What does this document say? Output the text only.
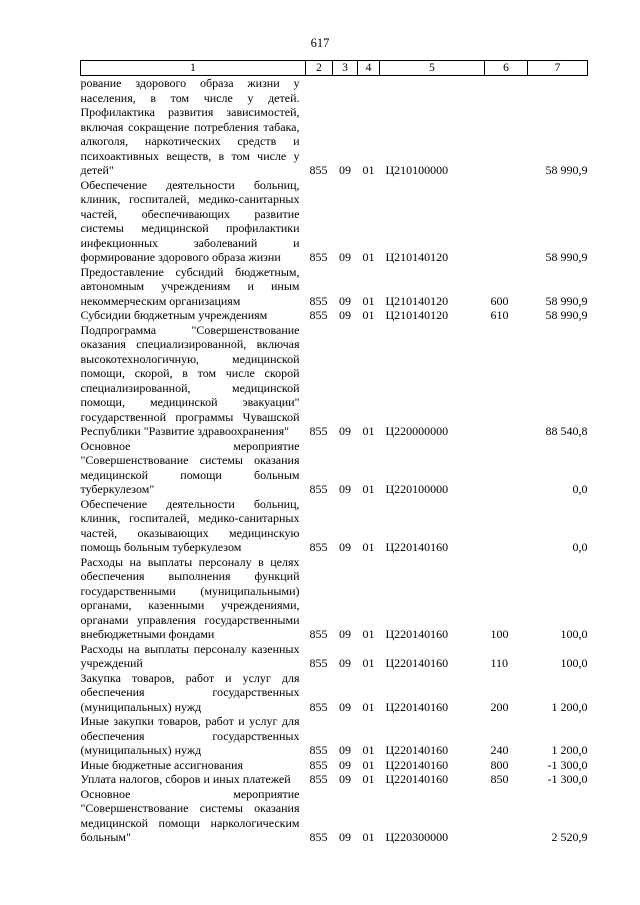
617
1	2	3	4	5	6	7
рование здорового образа жизни у населения, в том числе у детей. Профилактика развития зависимостей, включая сокращение потребления табака, алкоголя, наркотических средств и психоактивных веществ, в том числе у детей"	855	09	01	Ц210100000		58 990,9
Обеспечение деятельности больниц, клиник, госпиталей, медико-санитарных частей, обеспечивающих развитие системы медицинской профилактики инфекционных заболеваний и формирование здорового образа жизни	855	09	01	Ц210140120		58 990,9
Предоставление субсидий бюджетным, автономным учреждениям и иным некоммерческим организациям	855	09	01	Ц210140120	600	58 990,9
Субсидии бюджетным учреждениям	855	09	01	Ц210140120	610	58 990,9
Подпрограмма "Совершенствование оказания специализированной, включая высокотехнологичную, медицинской помощи, скорой, в том числе скорой специализированной, медицинской помощи, медицинской эвакуации" государственной программы Чувашской Республики "Развитие здравоохранения"	855	09	01	Ц220000000		88 540,8
Основное мероприятие "Совершенствование системы оказания медицинской помощи больным туберкулезом"	855	09	01	Ц220100000		0,0
Обеспечение деятельности больниц, клиник, госпиталей, медико-санитарных частей, оказывающих медицинскую помощь больным туберкулезом	855	09	01	Ц220140160		0,0
Расходы на выплаты персоналу в целях обеспечения выполнения функций государственными (муниципальными) органами, казенными учреждениями, органами управления государственными внебюджетными фондами	855	09	01	Ц220140160	100	100,0
Расходы на выплаты персоналу казенных учреждений	855	09	01	Ц220140160	110	100,0
Закупка товаров, работ и услуг для обеспечения государственных (муниципальных) нужд	855	09	01	Ц220140160	200	1 200,0
Иные закупки товаров, работ и услуг для обеспечения государственных (муниципальных) нужд	855	09	01	Ц220140160	240	1 200,0
Иные бюджетные ассигнования	855	09	01	Ц220140160	800	-1 300,0
Уплата налогов, сборов и иных платежей	855	09	01	Ц220140160	850	-1 300,0
Основное мероприятие "Совершенствование системы оказания медицинской помощи наркологическим больным"	855	09	01	Ц220300000		2 520,9
